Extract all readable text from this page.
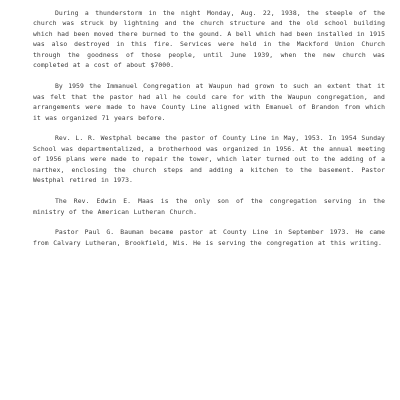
During a thunderstorm in the night Monday, Aug. 22, 1938, the steeple of the church was struck by lightning and the church structure and the old school building which had been moved there burned to the gound. A bell which had been installed in 1915 was also destroyed in this fire. Services were held in the Mackford Union Church through the goodness of those people, until June 1939, when the new church was completed at a cost of about $7000.

By 1959 the Immanuel Congregation at Waupun had grown to such an extent that it was felt that the pastor had all he could care for with the Waupun congregation, and arrangements were made to have County Line aligned with Emanuel of Brandon from which it was organized 71 years before.

Rev. L. R. Westphal became the pastor of County Line in May, 1953. In 1954 Sunday School was departmentalized, a brotherhood was organized in 1956. At the annual meeting of 1956 plans were made to repair the tower, which later turned out to the adding of a narthex, enclosing the church steps and adding a kitchen to the basement. Pastor Westphal retired in 1973.

The Rev. Edwin E. Maas is the only son of the congregation serving in the ministry of the American Lutheran Church.

Pastor Paul G. Bauman became pastor at County Line in September 1973. He came from Calvary Lutheran, Brookfield, Wis. He is serving the congregation at this writing.
